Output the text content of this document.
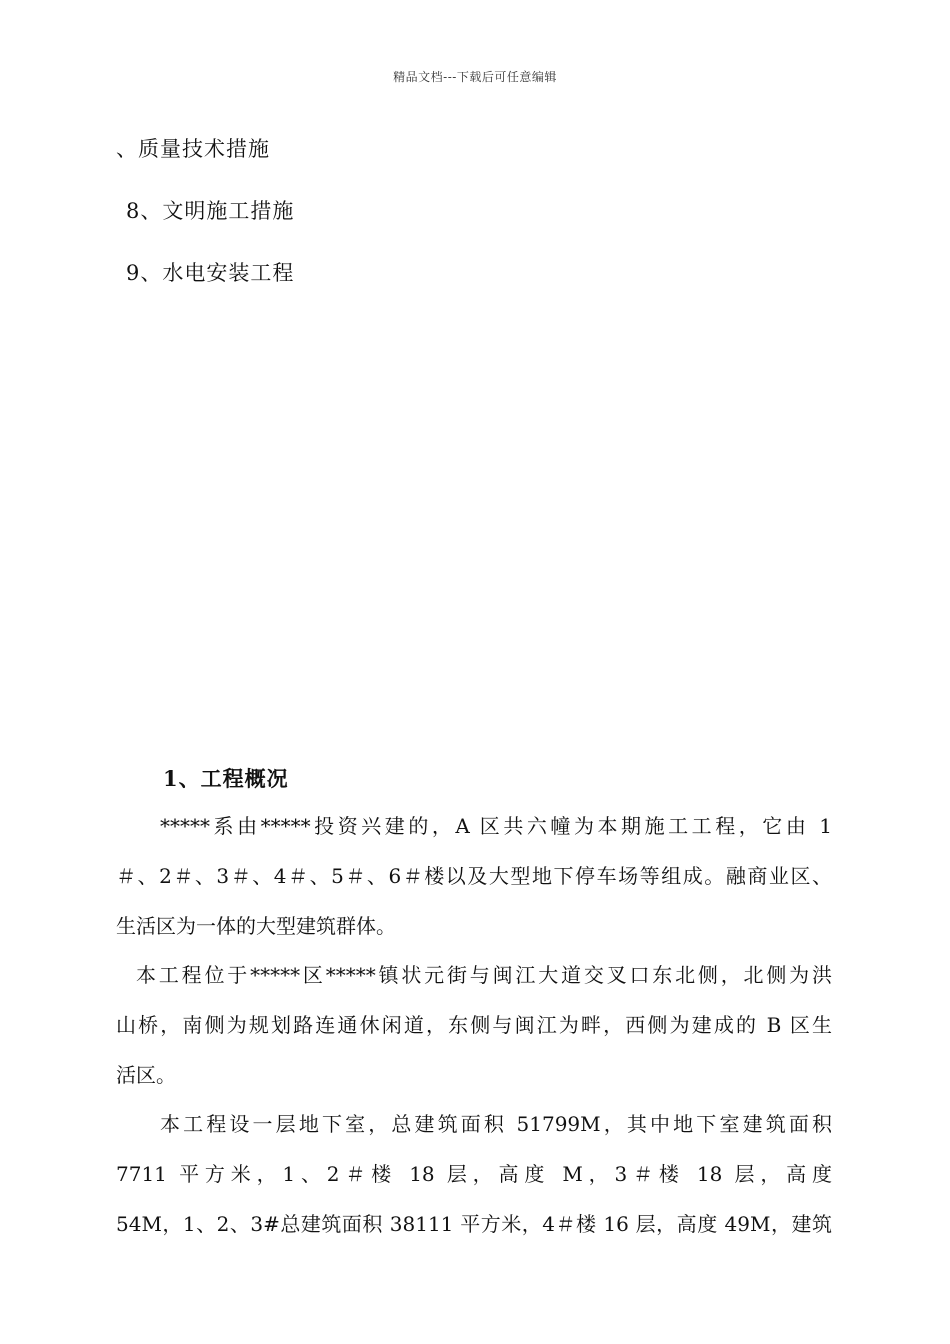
精品文档---下载后可任意编辑
、质量技术措施
8、文明施工措施
9、水电安装工程
1、工程概况
*****系由*****投资兴建的，A 区共六幢为本期施工工程，它由 1
＃、2＃、3＃、4＃、5＃、6＃楼以及大型地下停车场等组成。融商业区、
生活区为一体的大型建筑群体。
本工程位于*****区*****镇状元街与闽江大道交叉口东北侧，北侧为洪
山桥，南侧为规划路连通休闲道，东侧与闽江为畔，西侧为建成的 B 区生
活区。
本工程设一层地下室，总建筑面积 51799M，其中地下室建筑面积
7711 平方米，1、2＃楼 18 层，高度 M，3＃楼 18 层，高度
54M，1、2、3#总建筑面积 38111 平方米，4＃楼 16 层，高度 49M，建筑
